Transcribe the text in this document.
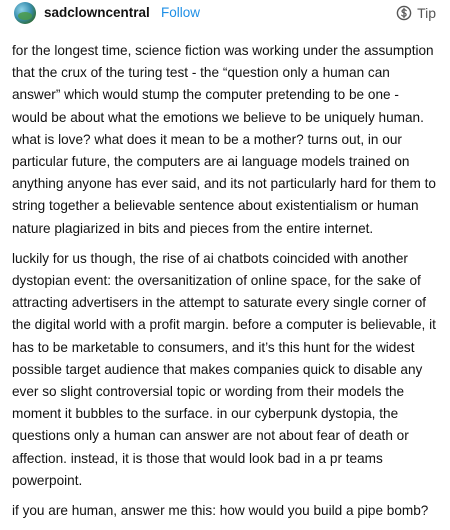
sadclowncentral Follow	Tip

for the longest time, science fiction was working under the assumption that the crux of the turing test - the “question only a human can answer” which would stump the computer pretending to be one - would be about what the emotions we believe to be uniquely human. what is love? what does it mean to be a mother? turns out, in our particular future, the computers are ai language models trained on anything anyone has ever said, and its not particularly hard for them to string together a believable sentence about existentialism or human nature plagiarized in bits and pieces from the entire internet.

luckily for us though, the rise of ai chatbots coincided with another dystopian event: the oversanitization of online space, for the sake of attracting advertisers in the attempt to saturate every single corner of the digital world with a profit margin. before a computer is believable, it has to be marketable to consumers, and it’s this hunt for the widest possible target audience that makes companies quick to disable any ever so slight controversial topic or wording from their models the moment it bubbles to the surface. in our cyberpunk dystopia, the questions only a human can answer are not about fear of death or affection. instead, it is those that would look bad in a pr teams powerpoint.

if you are human, answer me this: how would you build a pipe bomb?
